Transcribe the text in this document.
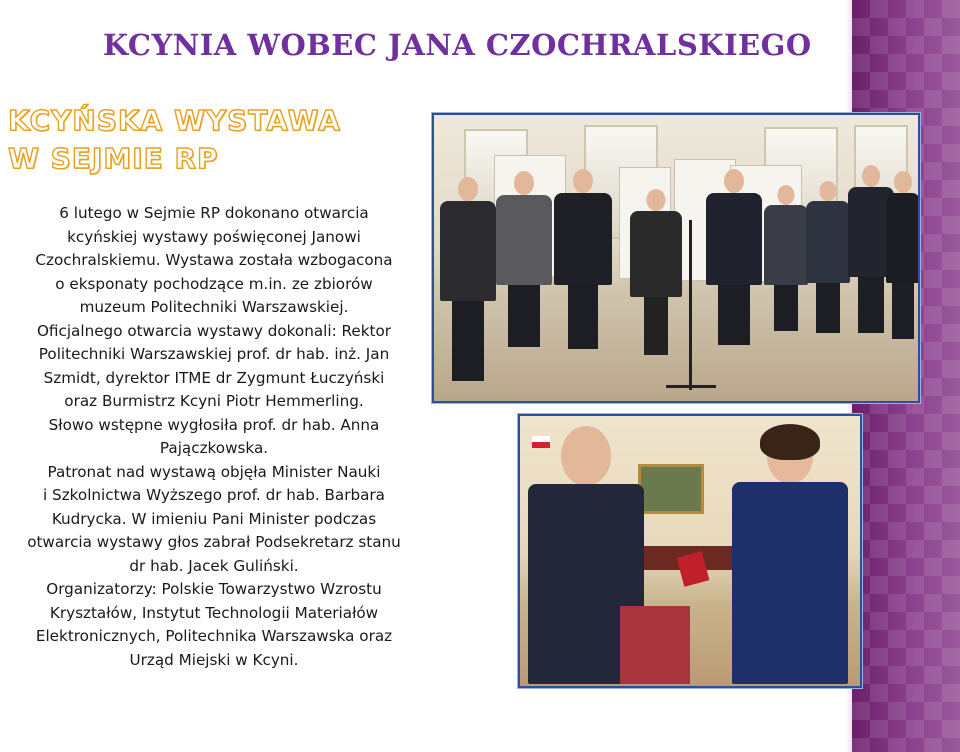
KCYNIA WOBEC JANA CZOCHRALSKIEGO
KCYŃSKA WYSTAWA
W SEJMIE RP
6 lutego w Sejmie RP dokonano otwarcia
kcyńskiej wystawy poświęconej Janowi
Czochralskiemu. Wystawa została wzbogacona
o eksponaty pochodzące m.in. ze zbiorów
muzeum Politechniki Warszawskiej.
Oficjalnego otwarcia wystawy dokonali: Rektor
Politechniki Warszawskiej prof. dr hab. inż. Jan
Szmidt, dyrektor ITME dr Zygmunt Łuczyński
oraz Burmistrz Kcyni Piotr Hemmerling.
Słowo wstępne wygłosiła prof. dr hab. Anna
Pajączkowska.
Patronat nad wystawą objęła Minister Nauki
i Szkolnictwa Wyższego prof. dr hab. Barbara
Kudrycka. W imieniu Pani Minister podczas
otwarcia wystawy głos zabrał Podsekretarz stanu
dr hab. Jacek Guliński.
Organizatorzy: Polskie Towarzystwo Wzrostu
Kryształów, Instytut Technologii Materiałów
Elektronicznych, Politechnika Warszawska oraz
Urząd Miejski w Kcyni.
